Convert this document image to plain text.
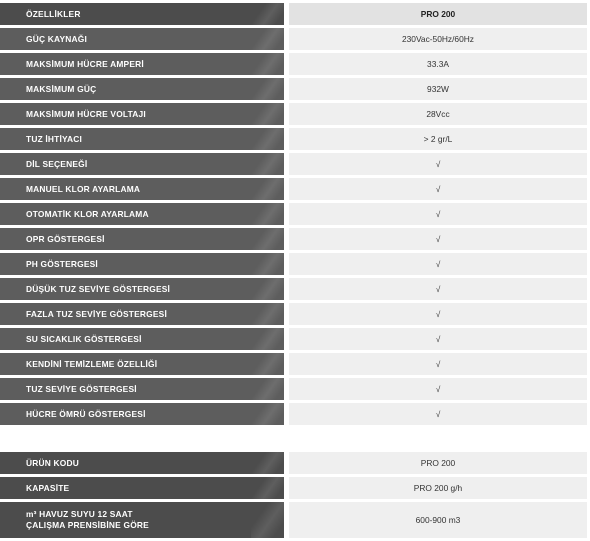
ÖZELLİKLER	PRO 200
GÜÇ KAYNAĞI	230Vac-50Hz/60Hz
MAKSİMUM HÜCRE AMPERİ	33.3A
MAKSİMUM GÜÇ	932W
MAKSİMUM HÜCRE VOLTAJI	28Vcc
TUZ İHTİYACI	> 2 gr/L
DİL SEÇENEĞİ	√
MANUEL KLOR AYARLAMA	√
OTOMATİK KLOR AYARLAMA	√
OPR GÖSTERGESİ	√
PH GÖSTERGESİ	√
DÜŞÜK TUZ SEVİYE GÖSTERGESİ	√
FAZLA TUZ SEVİYE GÖSTERGESİ	√
SU SICAKLIK GÖSTERGESİ	√
KENDİNİ TEMİZLEME ÖZELLİĞİ	√
TUZ SEVİYE GÖSTERGESİ	√
HÜCRE ÖMRÜ GÖSTERGESİ	√
ÜRÜN KODU	PRO 200
KAPASİTE	PRO 200 g/h
m³ HAVUZ SUYU 12 SAAT
ÇALIŞMA PRENSİBİNE GÖRE	600-900 m3
